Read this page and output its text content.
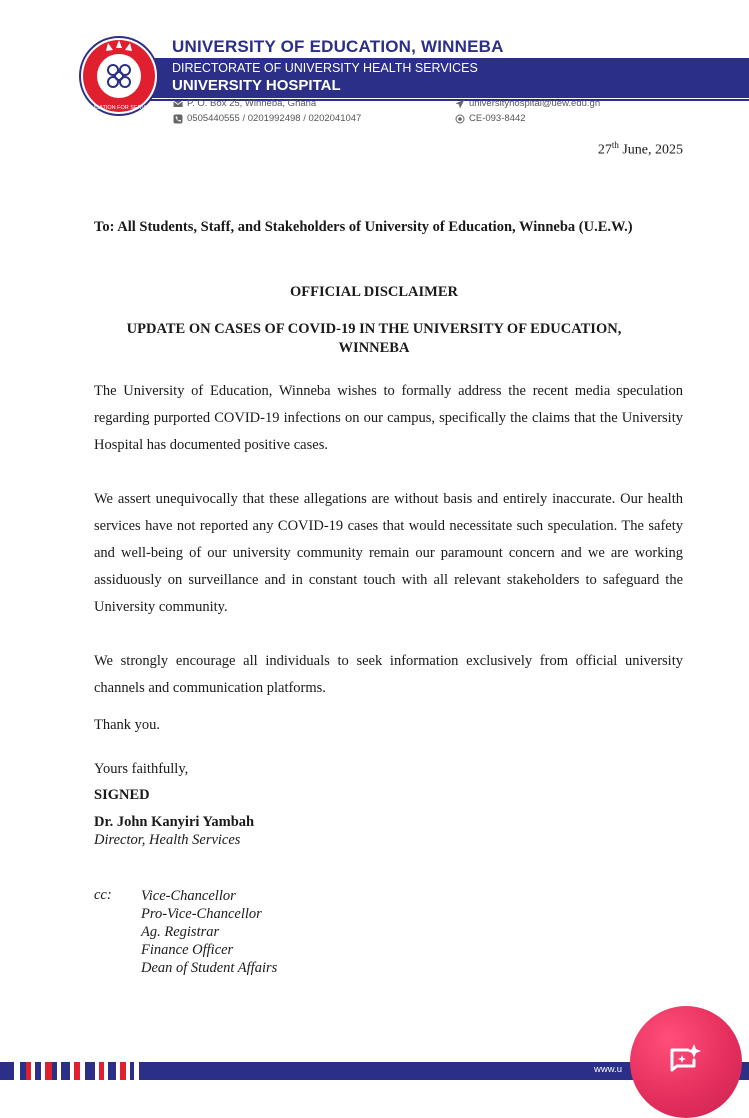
EDUCATION FOR SERVICE
UNIVERSITY OF EDUCATION, WINNEBA
DIRECTORATE OF UNIVERSITY HEALTH SERVICES
UNIVERSITY HOSPITAL
P. O. Box 25, Winneba, Ghana
0505440555 / 0201992498 / 0202041047
universityhospital@uew.edu.gh
CE-093-8442
27th June, 2025
To: All Students, Staff, and Stakeholders of University of Education, Winneba (U.E.W.)
OFFICIAL DISCLAIMER
UPDATE ON CASES OF COVID-19 IN THE UNIVERSITY OF EDUCATION, WINNEBA

The University of Education, Winneba wishes to formally address the recent media speculation regarding purported COVID-19 infections on our campus, specifically the claims that the University Hospital has documented positive cases.

We assert unequivocally that these allegations are without basis and entirely inaccurate. Our health services have not reported any COVID-19 cases that would necessitate such speculation. The safety and well-being of our university community remain our paramount concern and we are working assiduously on surveillance and in constant touch with all relevant stakeholders to safeguard the University community.

We strongly encourage all individuals to seek information exclusively from official university channels and communication platforms.

Thank you.
Yours faithfully,
SIGNED
Dr. John Kanyiri Yambah
Director, Health Services
cc: Vice-Chancellor
Pro-Vice-Chancellor
Ag. Registrar
Finance Officer
Dean of Student Affairs
www.u
